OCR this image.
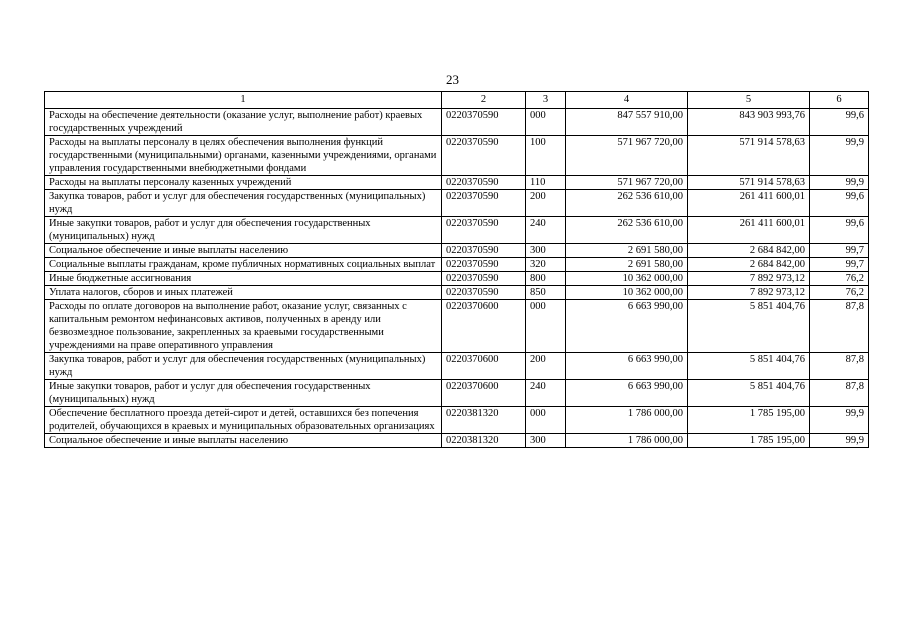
23
1	2	3	4	5	6
Расходы на обеспечение деятельности (оказание услуг, выполнение работ) краевых государственных учреждений	0220370590	000	847 557 910,00	843 903 993,76	99,6
Расходы на выплаты персоналу в целях обеспечения выполнения функций государственными (муниципальными) органами, казенными учреждениями, органами управления государственными внебюджетными фондами	0220370590	100	571 967 720,00	571 914 578,63	99,9
Расходы на выплаты персоналу казенных учреждений	0220370590	110	571 967 720,00	571 914 578,63	99,9
Закупка товаров, работ и услуг для обеспечения государственных (муниципальных) нужд	0220370590	200	262 536 610,00	261 411 600,01	99,6
Иные закупки товаров, работ и услуг для обеспечения государственных (муниципальных) нужд	0220370590	240	262 536 610,00	261 411 600,01	99,6
Социальное обеспечение и иные выплаты населению	0220370590	300	2 691 580,00	2 684 842,00	99,7
Социальные выплаты гражданам, кроме публичных нормативных социальных выплат	0220370590	320	2 691 580,00	2 684 842,00	99,7
Иные бюджетные ассигнования	0220370590	800	10 362 000,00	7 892 973,12	76,2
Уплата налогов, сборов и иных платежей	0220370590	850	10 362 000,00	7 892 973,12	76,2
Расходы по оплате договоров на выполнение работ, оказание услуг, связанных с капитальным ремонтом нефинансовых активов, полученных в аренду или безвозмездное пользование, закрепленных за краевыми государственными учреждениями на праве оперативного управления	0220370600	000	6 663 990,00	5 851 404,76	87,8
Закупка товаров, работ и услуг для обеспечения государственных (муниципальных) нужд	0220370600	200	6 663 990,00	5 851 404,76	87,8
Иные закупки товаров, работ и услуг для обеспечения государственных (муниципальных) нужд	0220370600	240	6 663 990,00	5 851 404,76	87,8
Обеспечение бесплатного проезда детей-сирот и детей, оставшихся без попечения родителей, обучающихся в краевых и муниципальных образовательных организациях	0220381320	000	1 786 000,00	1 785 195,00	99,9
Социальное обеспечение и иные выплаты населению	0220381320	300	1 786 000,00	1 785 195,00	99,9
